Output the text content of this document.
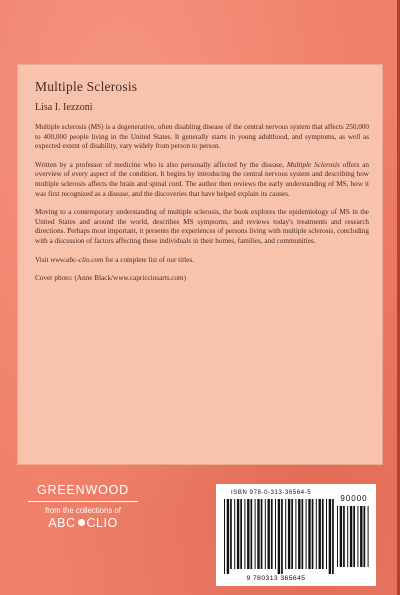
Multiple Sclerosis

Lisa I. Iezzoni

Multiple sclerosis (MS) is a degenerative, often disabling disease of the central nervous system that affects 250,000 to 400,000 people living in the United States. It generally starts in young adulthood, and symptoms, as well as expected extent of disability, vary widely from person to person.

Written by a professor of medicine who is also personally affected by the disease, Multiple Sclerosis offers an overview of every aspect of the condition. It begins by introducing the central nervous system and describing how multiple sclerosis affects the brain and spinal cord. The author then reviews the early understanding of MS, how it was first recognized as a disease, and the discoveries that have helped explain its causes.

Moving to a contemporary understanding of multiple sclerosis, the book explores the epidemiology of MS in the United States and around the world, describes MS symptoms, and reviews today's treatments and research directions. Perhaps most important, it presents the experiences of persons living with multiple sclerosis, concluding with a discussion of factors affecting these individuals in their homes, families, and communities.

Visit www.abc-clio.com for a complete list of our titles.

Cover photo: (Anne Black/www.capricciosarts.com)

GREENWOOD

from the collections of

ABC CLIO

ISBN 978-0-313-36564-5
90000
9 780313 365645
